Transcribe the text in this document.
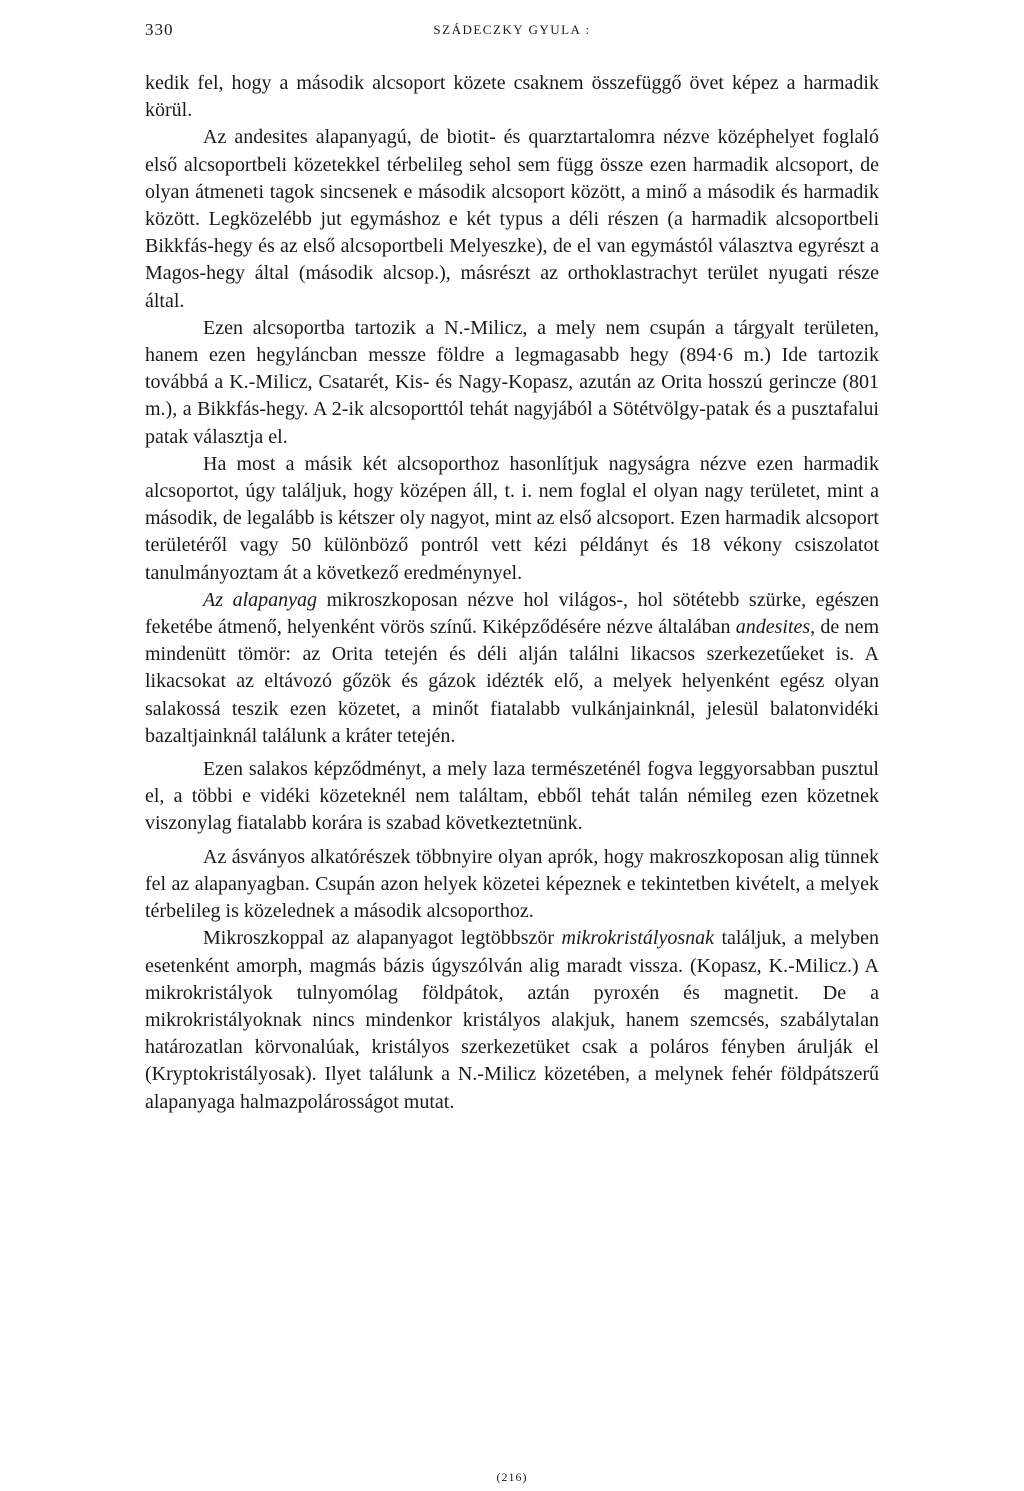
330	SZÁDECZKY GYULA :

kedik fel, hogy a második alcsoport közete csaknem összefüggő övet képez a harmadik körül.

Az andesites alapanyagú, de biotit- és quarztartalomra nézve középhelyet foglaló első alcsoportbeli közetekkel térbelileg sehol sem függ össze ezen harmadik alcsoport, de olyan átmeneti tagok sincsenek e második alcsoport között, a minő a második és harmadik között. Legközelébb jut egymáshoz e két typus a déli részen (a harmadik alcsoportbeli Bikkfás-hegy és az első alcsoportbeli Melyeszke), de el van egymástól választva egyrészt a Magos-hegy által (második alcsop.), másrészt az orthoklastrachyt terület nyugati része által.

Ezen alcsoportba tartozik a N.-Milicz, a mely nem csupán a tárgyalt területen, hanem ezen hegyláncban messze földre a legmagasabb hegy (894·6 m.) Ide tartozik továbbá a K.-Milicz, Csatarét, Kis- és Nagy-Kopasz, azután az Orita hosszú gerincze (801 m.), a Bikkfás-hegy. A 2-ik alcsoporttól tehát nagyjából a Sötétvölgy-patak és a pusztafalui patak választja el.

Ha most a másik két alcsoporthoz hasonlítjuk nagyságra nézve ezen harmadik alcsoportot, úgy találjuk, hogy középen áll, t. i. nem foglal el olyan nagy területet, mint a második, de legalább is kétszer oly nagyot, mint az első alcsoport. Ezen harmadik alcsoport területéről vagy 50 különböző pontról vett kézi példányt és 18 vékony csiszolatot tanulmányoztam át a következő eredménynyel.

Az alapanyag mikroszkoposan nézve hol világos-, hol sötétebb szürke, egészen feketébe átmenő, helyenként vörös színű. Kiképződésére nézve általában andesites, de nem mindenütt tömör: az Orita tetején és déli alján találni likacsos szerkezetűeket is. A likacsokat az eltávozó gőzök és gázok idézték elő, a melyek helyenként egész olyan salakossá teszik ezen közetet, a minőt fiatalabb vulkánjainknál, jelesül balatonvidéki bazaltjainknál találunk a kráter tetején.

Ezen salakos képződményt, a mely laza természeténél fogva leggyorsabban pusztul el, a többi e vidéki közeteknél nem találtam, ebből tehát talán némileg ezen közetnek viszonylag fiatalabb korára is szabad következtetnünk.

Az ásványos alkatórészek többnyire olyan aprók, hogy makroszkoposan alig tünnek fel az alapanyagban. Csupán azon helyek közetei képeznek e tekintetben kivételt, a melyek térbelileg is közelednek a második alcsoporthoz.

Mikroszkoppal az alapanyagot legtöbbször mikrokristályosnak találjuk, a melyben esetenként amorph, magmás bázis úgyszólván alig maradt vissza. (Kopasz, K.-Milicz.) A mikrokristályok tulnyomólag földpátok, aztán pyroxén és magnetit. De a mikrokristályoknak nincs mindenkor kristályos alakjuk, hanem szemcsés, szabálytalan határozatlan körvonalúak, kristályos szerkezetüket csak a poláros fényben árulják el (Kryptokristályosak). Ilyet találunk a N.-Milicz közetében, a melynek fehér földpátszerű alapanyaga halmazpolárosságot mutat.

(216)
